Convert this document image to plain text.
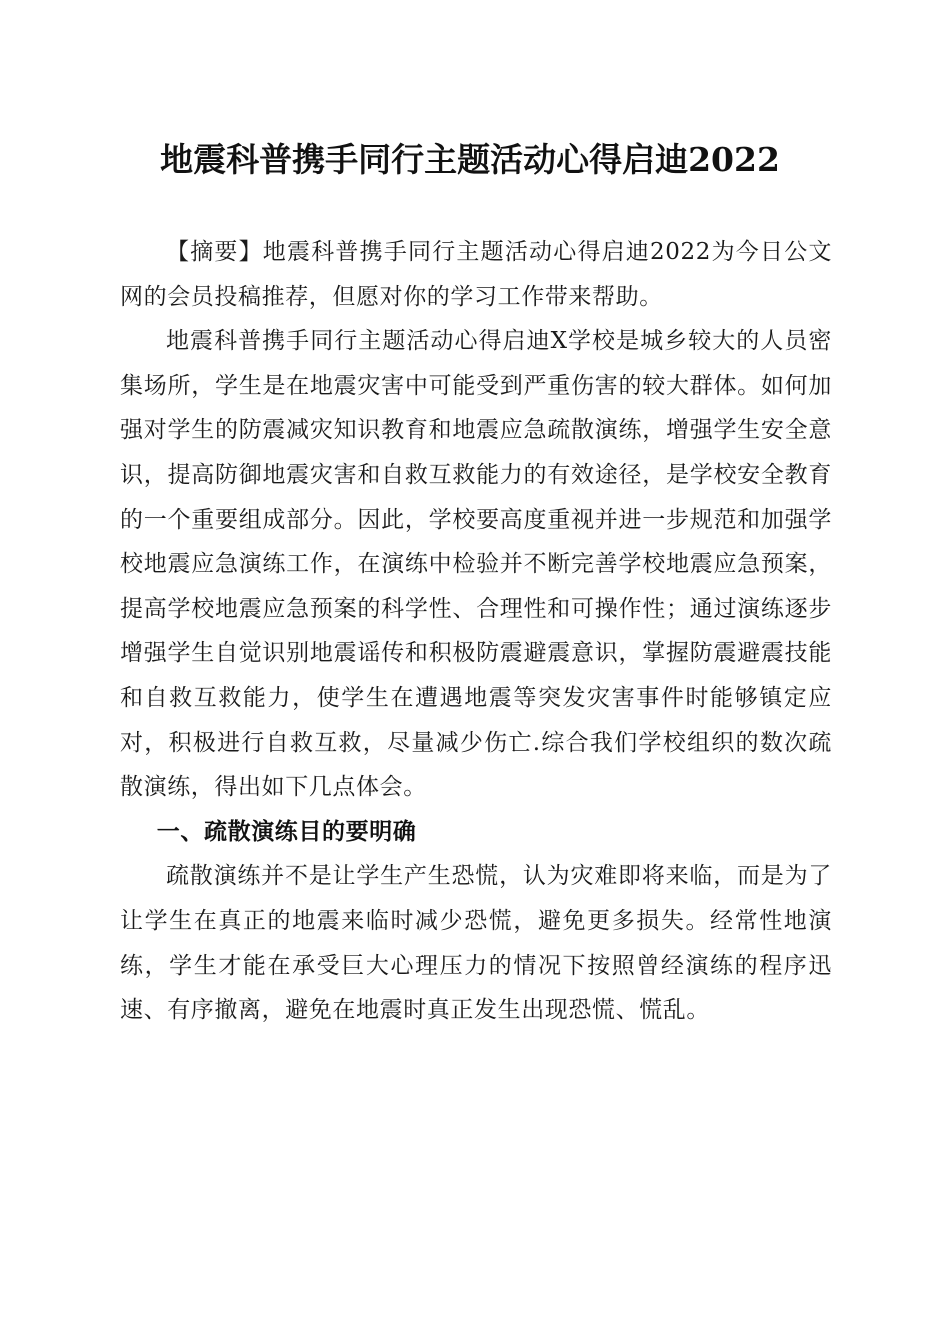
地震科普携手同行主题活动心得启迪2022

【摘要】地震科普携手同行主题活动心得启迪2022为今日公文网的会员投稿推荐，但愿对你的学习工作带来帮助。

地震科普携手同行主题活动心得启迪X学校是城乡较大的人员密集场所，学生是在地震灾害中可能受到严重伤害的较大群体。如何加强对学生的防震减灾知识教育和地震应急疏散演练，增强学生安全意识，提高防御地震灾害和自救互救能力的有效途径，是学校安全教育的一个重要组成部分。因此，学校要高度重视并进一步规范和加强学校地震应急演练工作，在演练中检验并不断完善学校地震应急预案，提高学校地震应急预案的科学性、合理性和可操作性；通过演练逐步增强学生自觉识别地震谣传和积极防震避震意识，掌握防震避震技能和自救互救能力，使学生在遭遇地震等突发灾害事件时能够镇定应对，积极进行自救互救，尽量减少伤亡.综合我们学校组织的数次疏散演练，得出如下几点体会。

一、疏散演练目的要明确

疏散演练并不是让学生产生恐慌，认为灾难即将来临，而是为了让学生在真正的地震来临时减少恐慌，避免更多损失。经常性地演练，学生才能在承受巨大心理压力的情况下按照曾经演练的程序迅速、有序撤离，避免在地震时真正发生出现恐慌、慌乱。
